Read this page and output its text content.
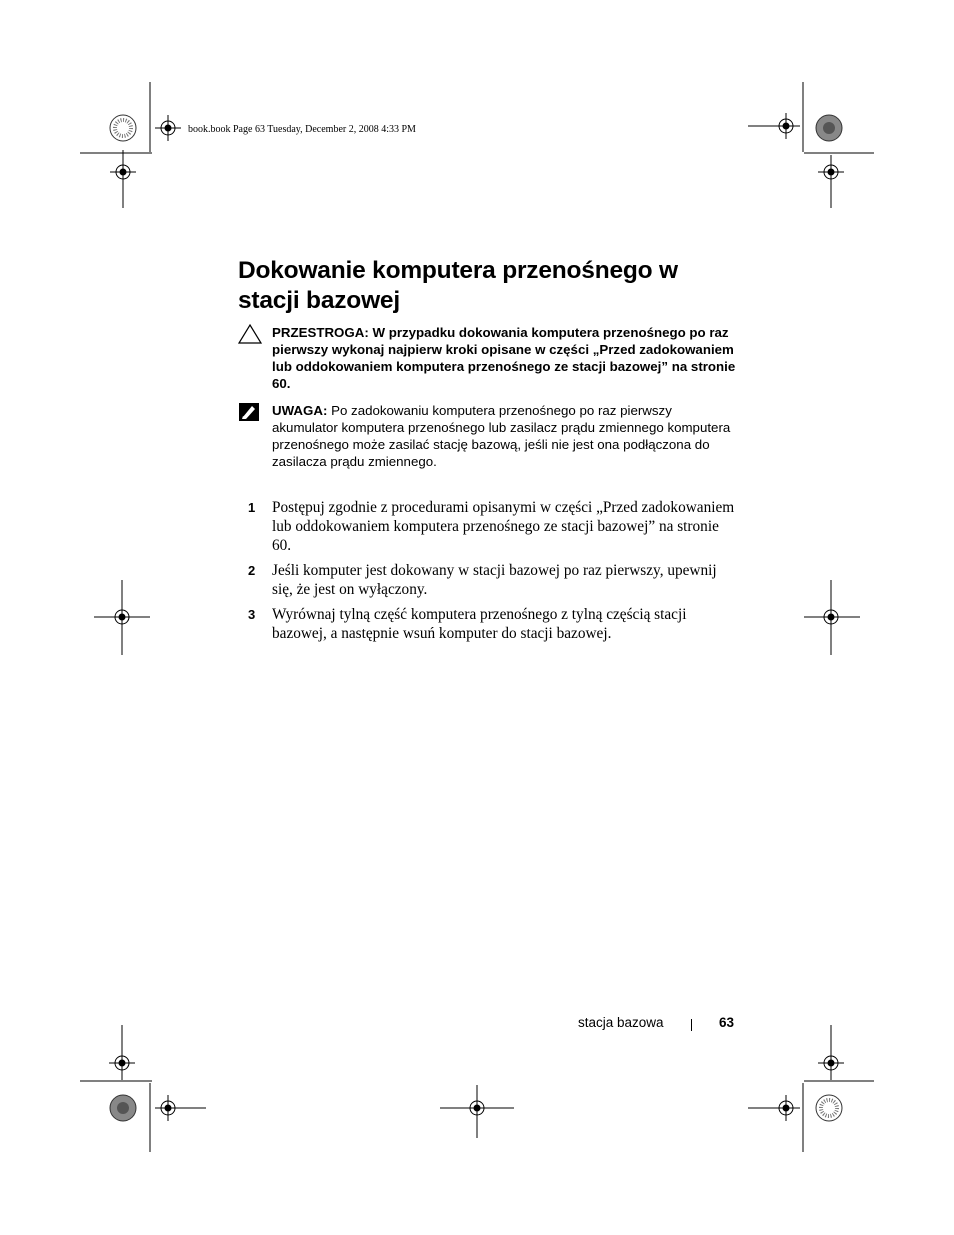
book.book Page 63 Tuesday, December 2, 2008 4:33 PM
Dokowanie komputera przenośnego w stacji bazowej
PRZESTROGA: W przypadku dokowania komputera przenośnego po raz pierwszy wykonaj najpierw kroki opisane w części „Przed zadokowaniem lub oddokowaniem komputera przenośnego ze stacji bazowej” na stronie 60.
UWAGA: Po zadokowaniu komputera przenośnego po raz pierwszy akumulator komputera przenośnego lub zasilacz prądu zmiennego komputera przenośnego może zasilać stację bazową, jeśli nie jest ona podłączona do zasilacza prądu zmiennego.
1 Postępuj zgodnie z procedurami opisanymi w części „Przed zadokowaniem lub oddokowaniem komputera przenośnego ze stacji bazowej” na stronie 60.
2 Jeśli komputer jest dokowany w stacji bazowej po raz pierwszy, upewnij się, że jest on wyłączony.
3 Wyrównaj tylną część komputera przenośnego z tylną częścią stacji bazowej, a następnie wsuń komputer do stacji bazowej.
stacja bazowa	63
